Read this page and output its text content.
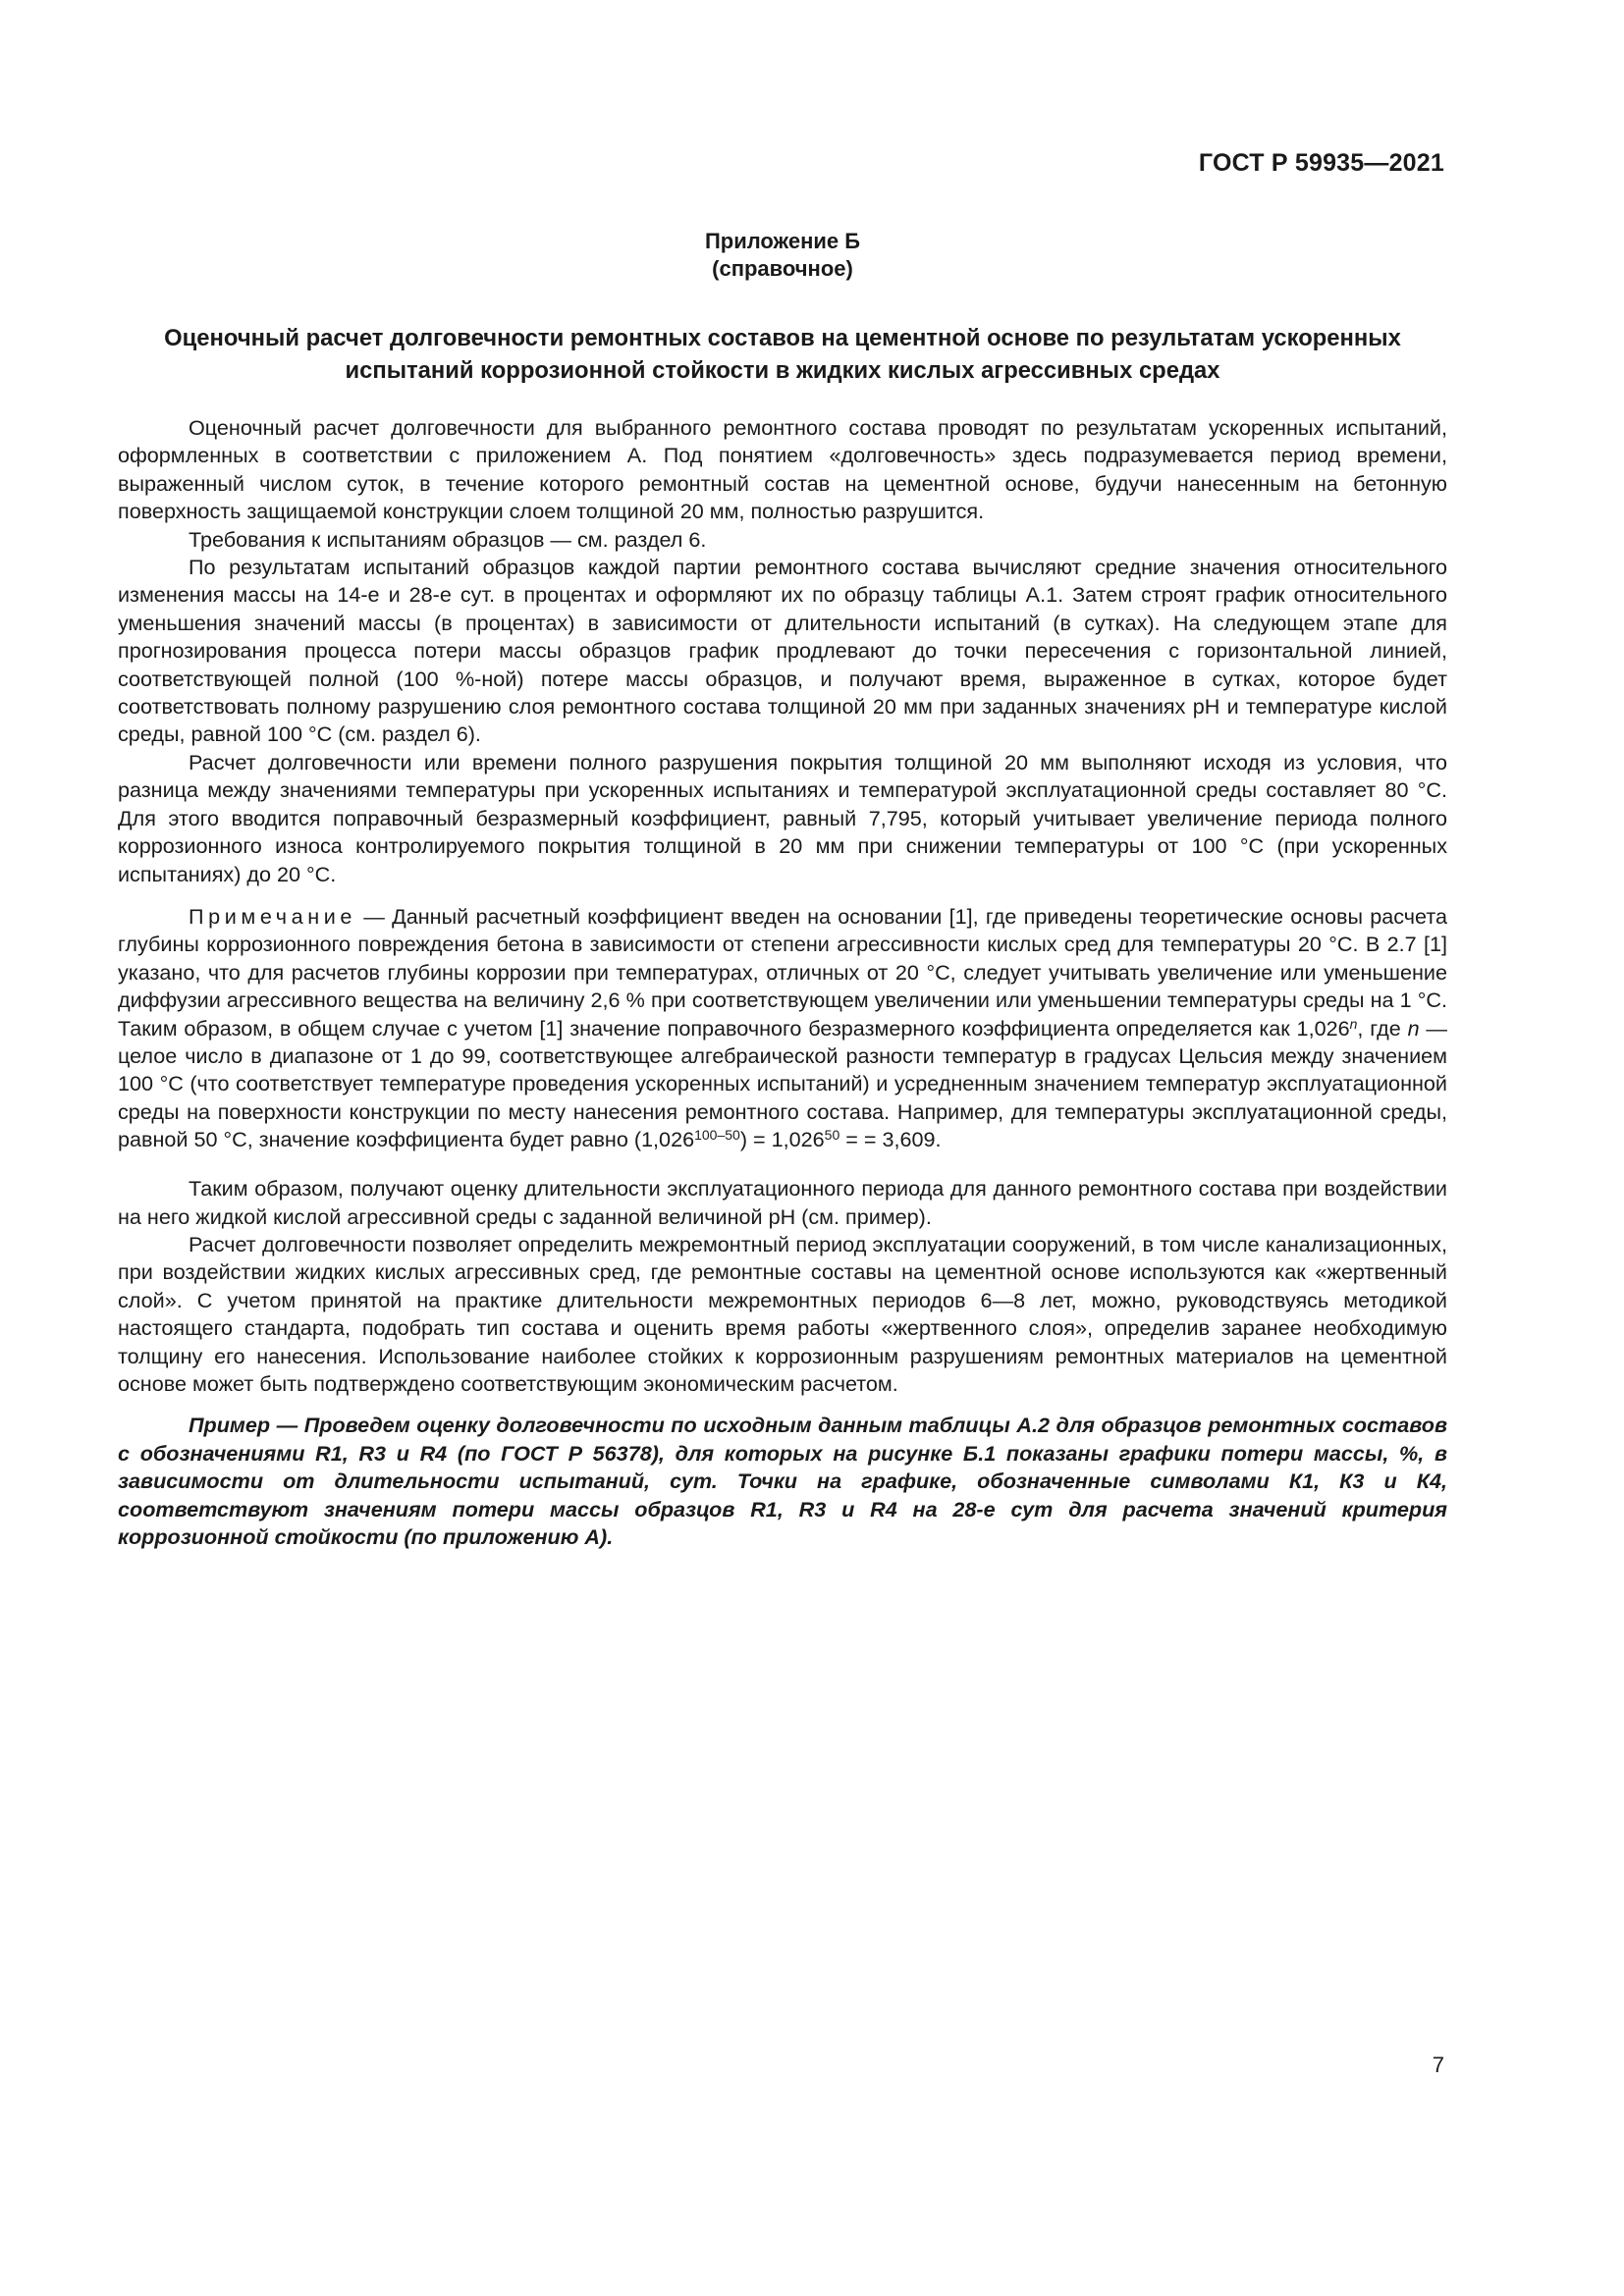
ГОСТ Р 59935—2021
Приложение Б
(справочное)
Оценочный расчет долговечности ремонтных составов на цементной основе по результатам ускоренных испытаний коррозионной стойкости в жидких кислых агрессивных средах

Оценочный расчет долговечности для выбранного ремонтного состава проводят по результатам ускоренных испытаний, оформленных в соответствии с приложением А. Под понятием «долговечность» здесь подразумевается период времени, выраженный числом суток, в течение которого ремонтный состав на цементной основе, будучи нанесенным на бетонную поверхность защищаемой конструкции слоем толщиной 20 мм, полностью разрушится.

Требования к испытаниям образцов — см. раздел 6.

По результатам испытаний образцов каждой партии ремонтного состава вычисляют средние значения относительного изменения массы на 14-е и 28-е сут. в процентах и оформляют их по образцу таблицы А.1. Затем строят график относительного уменьшения значений массы (в процентах) в зависимости от длительности испытаний (в сутках). На следующем этапе для прогнозирования процесса потери массы образцов график продлевают до точки пересечения с горизонтальной линией, соответствующей полной (100 %-ной) потере массы образцов, и получают время, выраженное в сутках, которое будет соответствовать полному разрушению слоя ремонтного состава толщиной 20 мм при заданных значениях pH и температуре кислой среды, равной 100 °С (см. раздел 6).

Расчет долговечности или времени полного разрушения покрытия толщиной 20 мм выполняют исходя из условия, что разница между значениями температуры при ускоренных испытаниях и температурой эксплуатационной среды составляет 80 °С. Для этого вводится поправочный безразмерный коэффициент, равный 7,795, который учитывает увеличение периода полного коррозионного износа контролируемого покрытия толщиной в 20 мм при снижении температуры от 100 °С (при ускоренных испытаниях) до 20 °С.

Примечание — Данный расчетный коэффициент введен на основании [1], где приведены теоретические основы расчета глубины коррозионного повреждения бетона в зависимости от степени агрессивности кислых сред для температуры 20 °С. В 2.7 [1] указано, что для расчетов глубины коррозии при температурах, отличных от 20 °С, следует учитывать увеличение или уменьшение диффузии агрессивного вещества на величину 2,6 % при соответствующем увеличении или уменьшении температуры среды на 1 °С. Таким образом, в общем случае с учетом [1] значение поправочного безразмерного коэффициента определяется как 1,026$^n$, где n — целое число в диапазоне от 1 до 99, соответствующее алгебраической разности температур в градусах Цельсия между значением 100 °С (что соответствует температуре проведения ускоренных испытаний) и усредненным значением температур эксплуатационной среды на поверхности конструкции по месту нанесения ремонтного состава. Например, для температуры эксплуатационной среды, равной 50 °С, значение коэффициента будет равно $(1,026^{100-50}) = 1,026^{50}$ = = 3,609.

Таким образом, получают оценку длительности эксплуатационного периода для данного ремонтного состава при воздействии на него жидкой кислой агрессивной среды с заданной величиной pH (см. пример).

Расчет долговечности позволяет определить межремонтный период эксплуатации сооружений, в том числе канализационных, при воздействии жидких кислых агрессивных сред, где ремонтные составы на цементной основе используются как «жертвенный слой». С учетом принятой на практике длительности межремонтных периодов 6—8 лет, можно, руководствуясь методикой настоящего стандарта, подобрать тип состава и оценить время работы «жертвенного слоя», определив заранее необходимую толщину его нанесения. Использование наиболее стойких к коррозионным разрушениям ремонтных материалов на цементной основе может быть подтверждено соответствующим экономическим расчетом.

Пример — Проведем оценку долговечности по исходным данным таблицы А.2 для образцов ремонтных составов с обозначениями R1, R3 и R4 (по ГОСТ Р 56378), для которых на рисунке Б.1 показаны графики потери массы, %, в зависимости от длительности испытаний, сут. Точки на графике, обозначенные символами К1, К3 и К4, соответствуют значениям потери массы образцов R1, R3 и R4 на 28-е сут для расчета значений критерия коррозионной стойкости (по приложению А).

7
